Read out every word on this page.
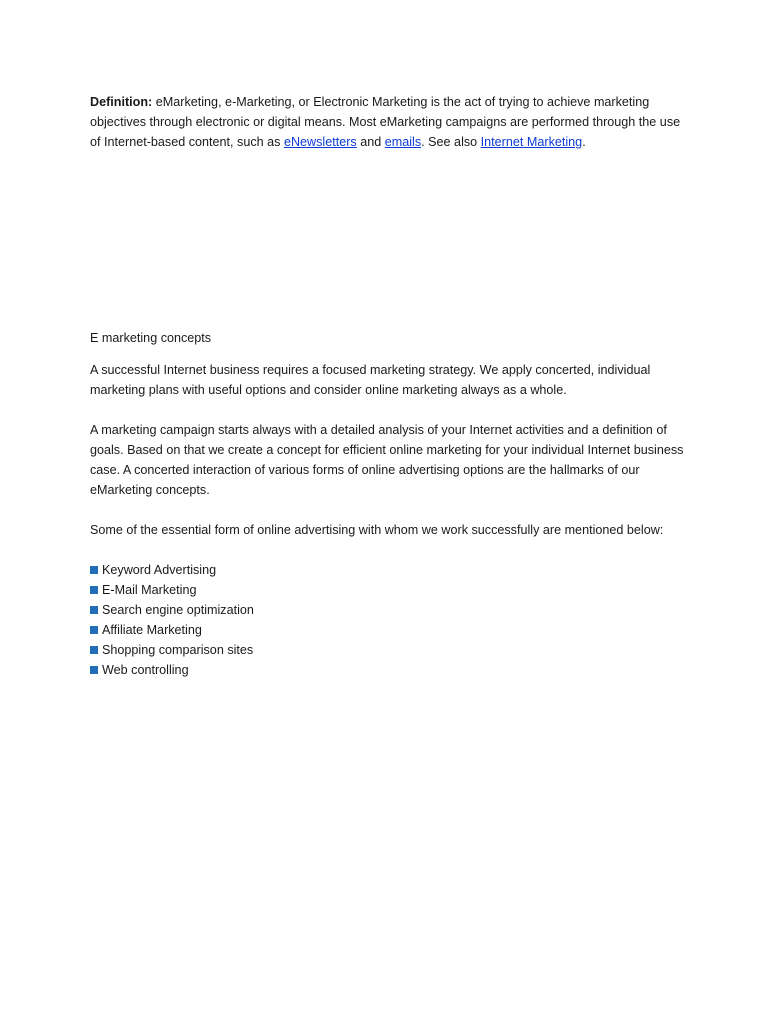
Definition: eMarketing, e-Marketing, or Electronic Marketing is the act of trying to achieve marketing objectives through electronic or digital means. Most eMarketing campaigns are performed through the use of Internet-based content, such as eNewsletters and emails. See also Internet Marketing.

E marketing concepts

A successful Internet business requires a focused marketing strategy. We apply concerted, individual marketing plans with useful options and consider online marketing always as a whole.

A marketing campaign starts always with a detailed analysis of your Internet activities and a definition of goals. Based on that we create a concept for efficient online marketing for your individual Internet business case. A concerted interaction of various forms of online advertising options are the hallmarks of our eMarketing concepts.

Some of the essential form of online advertising with whom we work successfully are mentioned below:

Keyword Advertising
E-Mail Marketing
Search engine optimization
Affiliate Marketing
Shopping comparison sites
Web controlling
